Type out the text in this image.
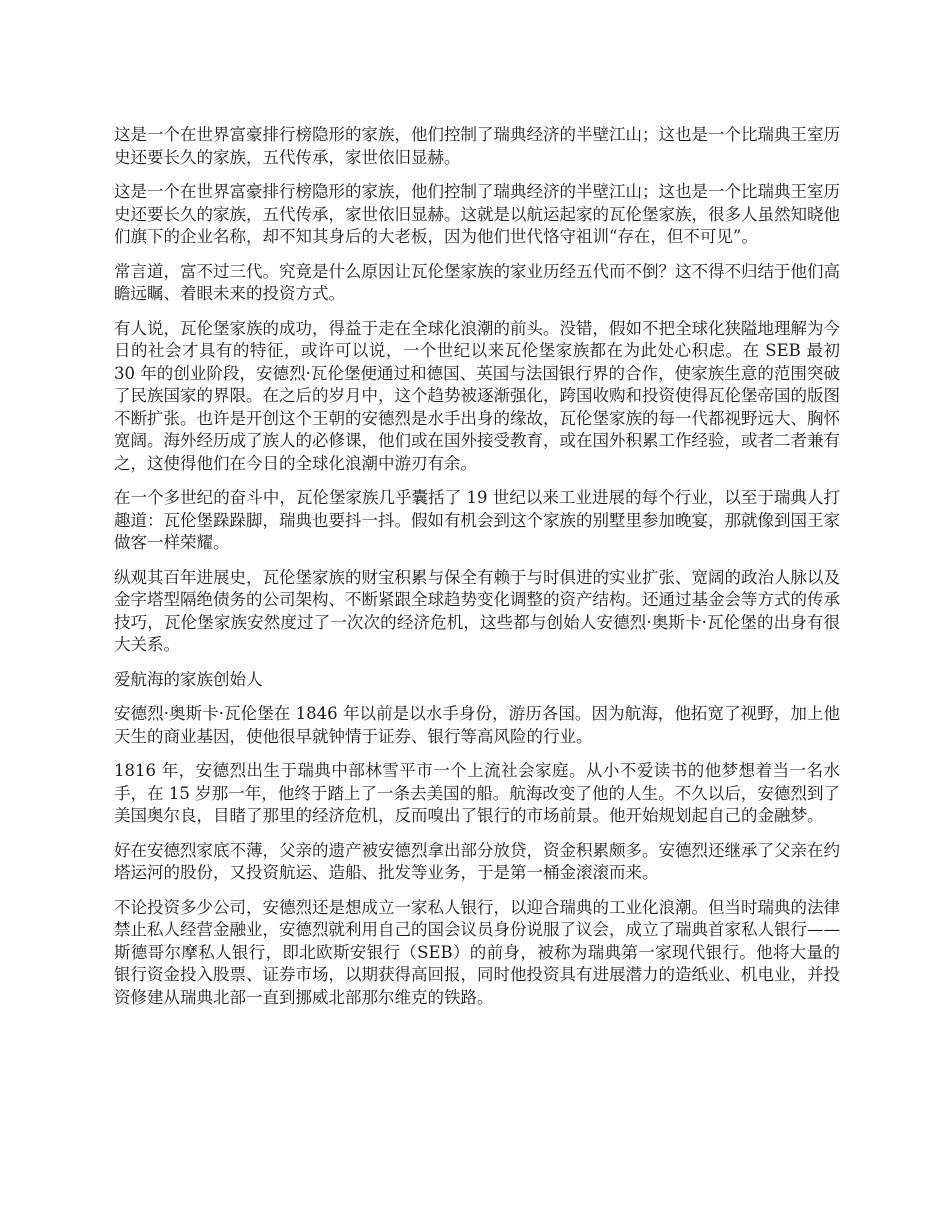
这是一个在世界富豪排行榜隐形的家族，他们控制了瑞典经济的半壁江山；这也是一个比瑞典王室历史还要长久的家族，五代传承，家世依旧显赫。

这是一个在世界富豪排行榜隐形的家族，他们控制了瑞典经济的半壁江山；这也是一个比瑞典王室历史还要长久的家族，五代传承，家世依旧显赫。这就是以航运起家的瓦伦堡家族，很多人虽然知晓他们旗下的企业名称，却不知其身后的大老板，因为他们世代恪守祖训“存在，但不可见”。

常言道，富不过三代。究竟是什么原因让瓦伦堡家族的家业历经五代而不倒？这不得不归结于他们高瞻远瞩、着眼未来的投资方式。

有人说，瓦伦堡家族的成功，得益于走在全球化浪潮的前头。没错，假如不把全球化狭隘地理解为今日的社会才具有的特征，或许可以说，一个世纪以来瓦伦堡家族都在为此处心积虑。在 SEB 最初 30 年的创业阶段，安德烈·瓦伦堡便通过和德国、英国与法国银行界的合作，使家族生意的范围突破了民族国家的界限。在之后的岁月中，这个趋势被逐渐强化，跨国收购和投资使得瓦伦堡帝国的版图不断扩张。也许是开创这个王朝的安德烈是水手出身的缘故，瓦伦堡家族的每一代都视野远大、胸怀宽阔。海外经历成了族人的必修课，他们或在国外接受教育，或在国外积累工作经验，或者二者兼有之，这使得他们在今日的全球化浪潮中游刃有余。

在一个多世纪的奋斗中，瓦伦堡家族几乎囊括了 19 世纪以来工业进展的每个行业，以至于瑞典人打趣道：瓦伦堡跺跺脚，瑞典也要抖一抖。假如有机会到这个家族的别墅里参加晚宴，那就像到国王家做客一样荣耀。

纵观其百年进展史，瓦伦堡家族的财宝积累与保全有赖于与时俱进的实业扩张、宽阔的政治人脉以及金字塔型隔绝债务的公司架构、不断紧跟全球趋势变化调整的资产结构。还通过基金会等方式的传承技巧，瓦伦堡家族安然度过了一次次的经济危机，这些都与创始人安德烈·奥斯卡·瓦伦堡的出身有很大关系。

爱航海的家族创始人

安德烈·奥斯卡·瓦伦堡在 1846 年以前是以水手身份，游历各国。因为航海，他拓宽了视野，加上他天生的商业基因，使他很早就钟情于证券、银行等高风险的行业。

1816 年，安德烈出生于瑞典中部林雪平市一个上流社会家庭。从小不爱读书的他梦想着当一名水手，在 15 岁那一年，他终于踏上了一条去美国的船。航海改变了他的人生。不久以后，安德烈到了美国奥尔良，目睹了那里的经济危机，反而嗅出了银行的市场前景。他开始规划起自己的金融梦。

好在安德烈家底不薄，父亲的遗产被安德烈拿出部分放贷，资金积累颇多。安德烈还继承了父亲在约塔运河的股份，又投资航运、造船、批发等业务，于是第一桶金滚滚而来。

不论投资多少公司，安德烈还是想成立一家私人银行，以迎合瑞典的工业化浪潮。但当时瑞典的法律禁止私人经营金融业，安德烈就利用自己的国会议员身份说服了议会，成立了瑞典首家私人银行——斯德哥尔摩私人银行，即北欧斯安银行（SEB）的前身，被称为瑞典第一家现代银行。他将大量的银行资金投入股票、证券市场，以期获得高回报，同时他投资具有进展潜力的造纸业、机电业，并投资修建从瑞典北部一直到挪威北部那尔维克的铁路。
